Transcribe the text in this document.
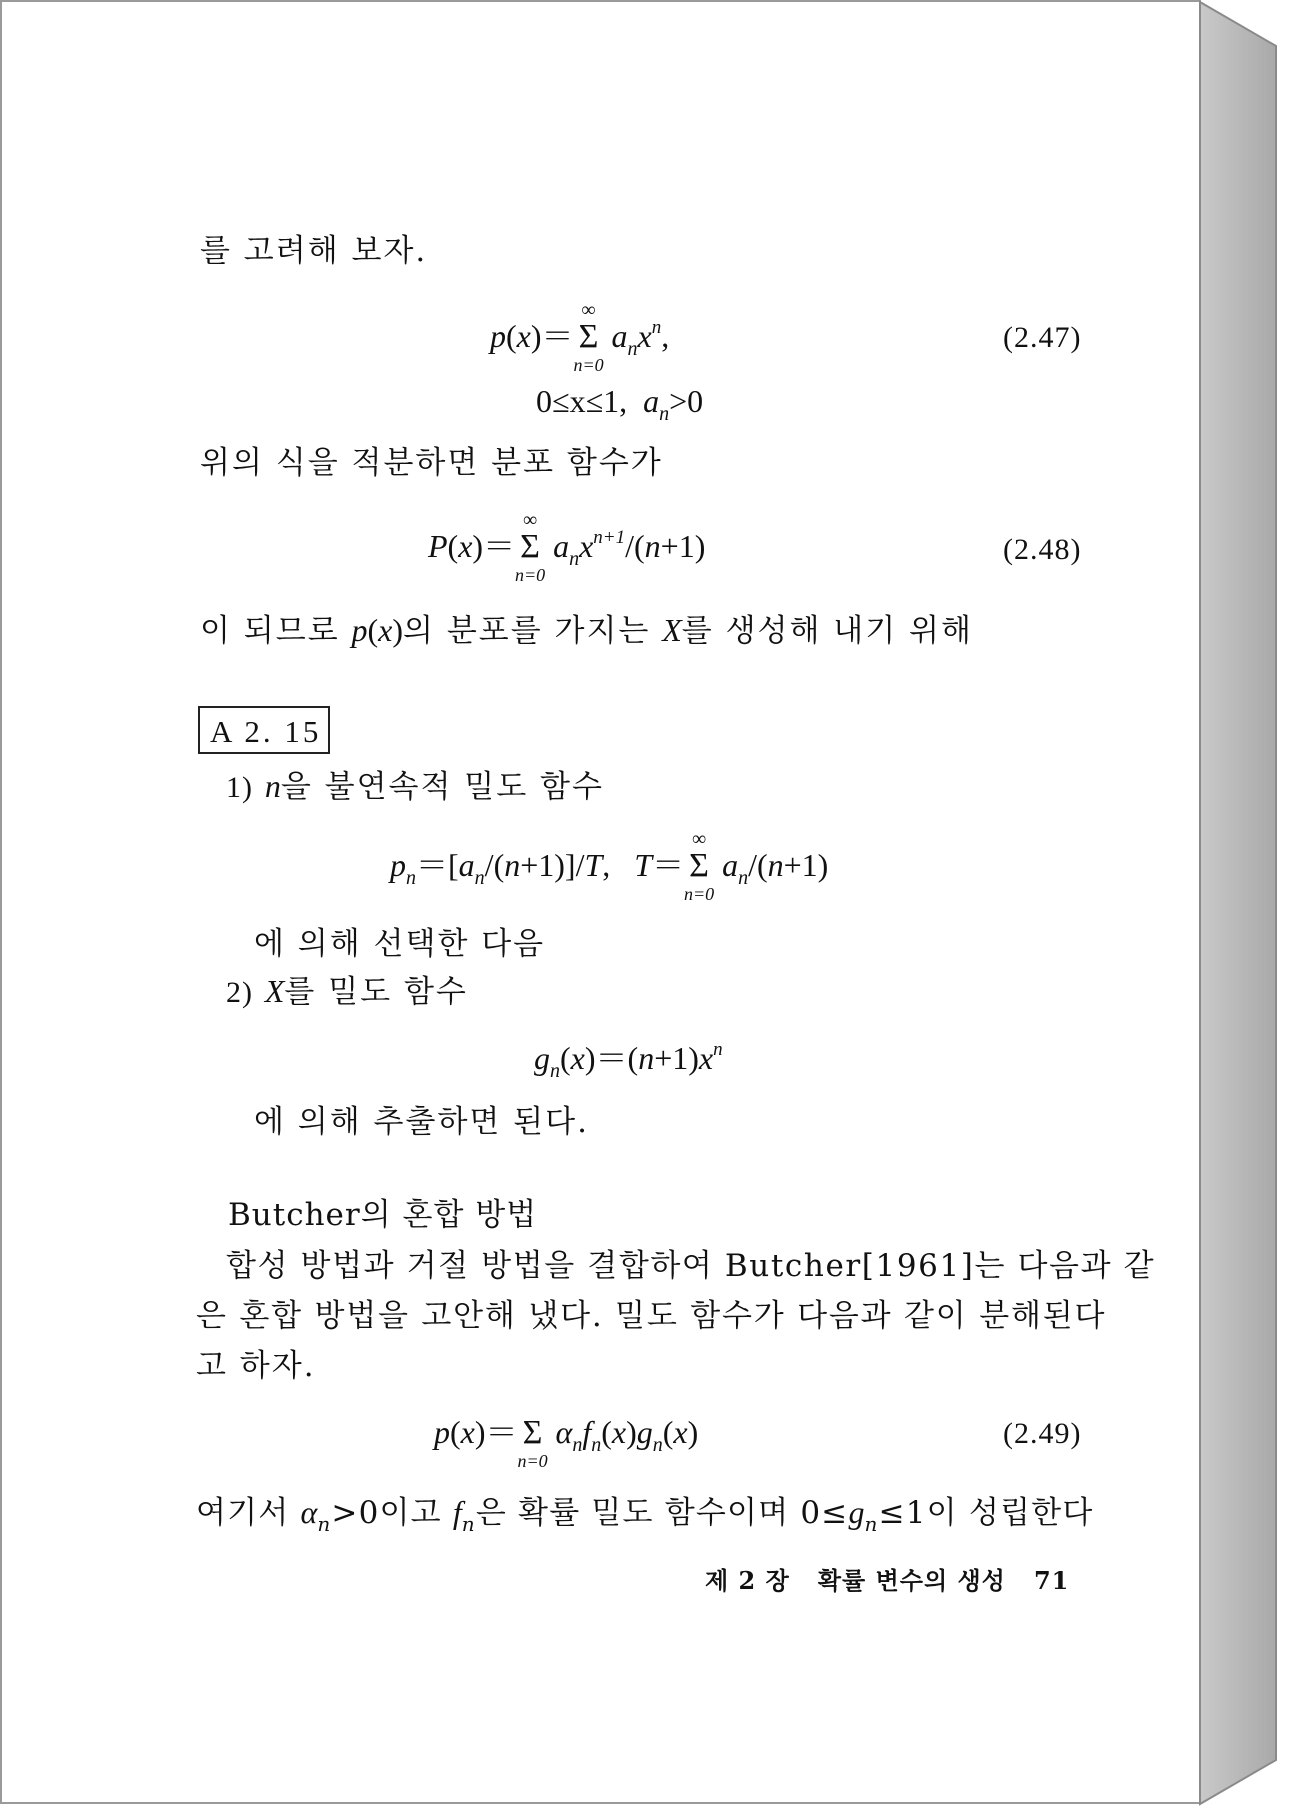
를 고려해 보자.
p(x)＝
∞
Σ
n=0
$a_nx^n$,	(2.47)
0≤x≤1, $a_n>0$
위의 식을 적분하면 분포 함수가
P(x)＝
∞
Σ
n=0
$a_nx^{n+1}/(n+1)$	(2.48)
이 되므로 p(x)의 분포를 가지는 X를 생성해 내기 위해
A 2. 15
1) n을 불연속적 밀도 함수
$p_n=[a_n/(n+1)]/T$,   T＝
∞
Σ
n=0
$a_n/(n+1)$
에 의해 선택한 다음
2) X를 밀도 함수
$g_n(x)=(n+1)x^n$
에 의해 추출하면 된다.
Butcher의 혼합 방법
합성 방법과 거절 방법을 결합하여 Butcher[1961]는 다음과 같
은 혼합 방법을 고안해 냈다. 밀도 함수가 다음과 같이 분해된다
고 하자.
p(x)＝ Σ
n=0
$\alpha_nf_n(x)g_n(x)$	(2.49)
여기서 $\alpha_n>0$이고 $f_n$은 확률 밀도 함수이며 $0\le g_n\le 1$이 성립한다
제 2 장 확률 변수의 생성 71
